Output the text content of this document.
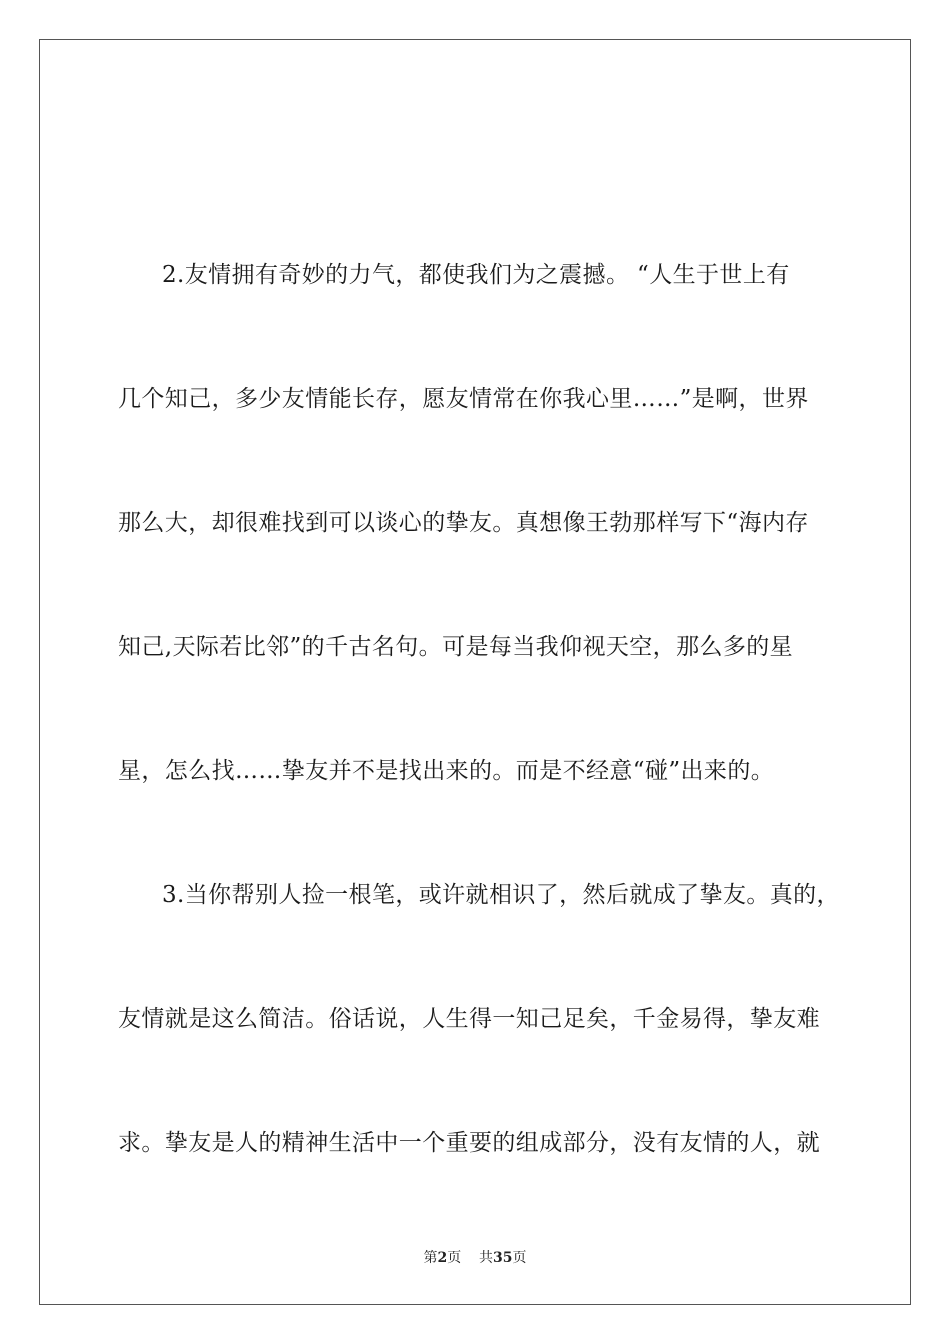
2.友情拥有奇妙的力气，都使我们为之震撼。 “人生于世上有
几个知己，多少友情能长存，愿友情常在你我心里……”是啊，世界
那么大，却很难找到可以谈心的挚友。真想像王勃那样写下“海内存
知己,天际若比邻”的千古名句。可是每当我仰视天空，那么多的星
星，怎么找……挚友并不是找出来的。而是不经意“碰”出来的。
3.当你帮别人捡一根笔，或许就相识了，然后就成了挚友。真的，
友情就是这么简洁。俗话说，人生得一知己足矣，千金易得，挚友难
求。挚友是人的精神生活中一个重要的组成部分，没有友情的人，就
第2页 共35页
